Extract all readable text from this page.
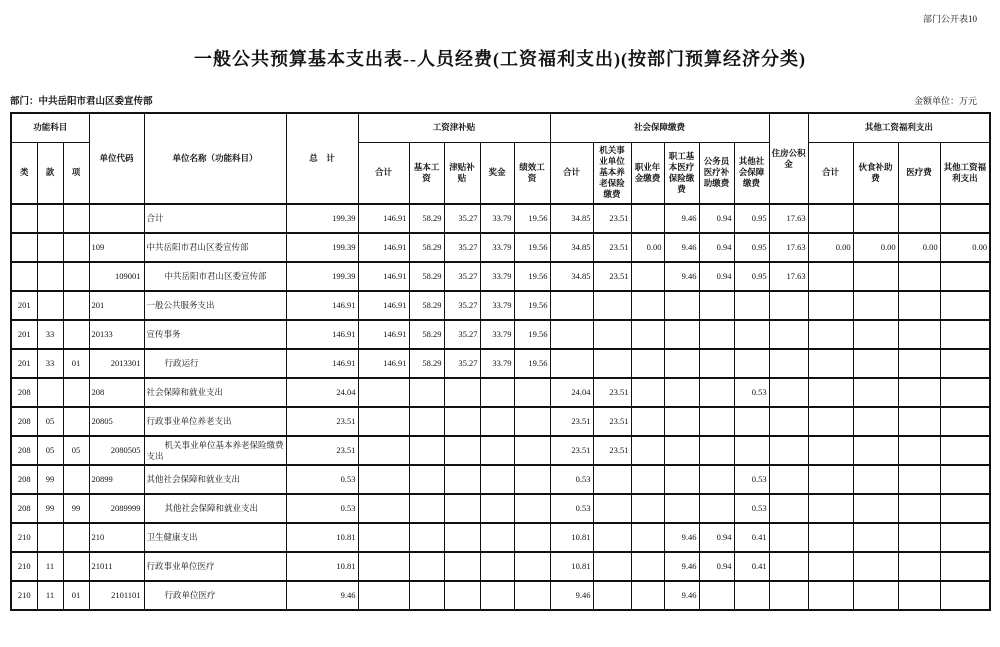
部门公开表10
一般公共预算基本支出表--人员经费(工资福利支出)(按部门预算经济分类)
部门：中共岳阳市君山区委宣传部	金额单位：万元
功能科目			单位代码	单位名称（功能科目）	总　计	工资津补贴					社会保障缴费						住房公积金	其他工资福利支出			
类	款	项				合计	基本工资	津贴补贴	奖金	绩效工资	合计	机关事业单位基本养老保险缴费	职业年金缴费	职工基本医疗保险缴费	公务员医疗补助缴费	其他社会保障缴费		合计	伙食补助费	医疗费	其他工资福利支出
				合计	199.39	146.91	58.29	35.27	33.79	19.56	34.85	23.51		9.46	0.94	0.95	17.63				
			109	中共岳阳市君山区委宣传部	199.39	146.91	58.29	35.27	33.79	19.56	34.85	23.51	0.00	9.46	0.94	0.95	17.63	0.00	0.00	0.00	0.00
			109001	中共岳阳市君山区委宣传部	199.39	146.91	58.29	35.27	33.79	19.56	34.85	23.51		9.46	0.94	0.95	17.63				
201			201	一般公共服务支出	146.91	146.91	58.29	35.27	33.79	19.56											
201	33		20133	宣传事务	146.91	146.91	58.29	35.27	33.79	19.56											
201	33	01	2013301	行政运行	146.91	146.91	58.29	35.27	33.79	19.56											
208			208	社会保障和就业支出	24.04						24.04	23.51				0.53					
208	05		20805	行政事业单位养老支出	23.51						23.51	23.51									
208	05	05	2080505	机关事业单位基本养老保险缴费支出	23.51						23.51	23.51									
208	99		20899	其他社会保障和就业支出	0.53						0.53					0.53					
208	99	99	2089999	其他社会保障和就业支出	0.53						0.53					0.53					
210			210	卫生健康支出	10.81						10.81			9.46	0.94	0.41					
210	11		21011	行政事业单位医疗	10.81						10.81			9.46	0.94	0.41					
210	11	01	2101101	行政单位医疗	9.46						9.46			9.46							
